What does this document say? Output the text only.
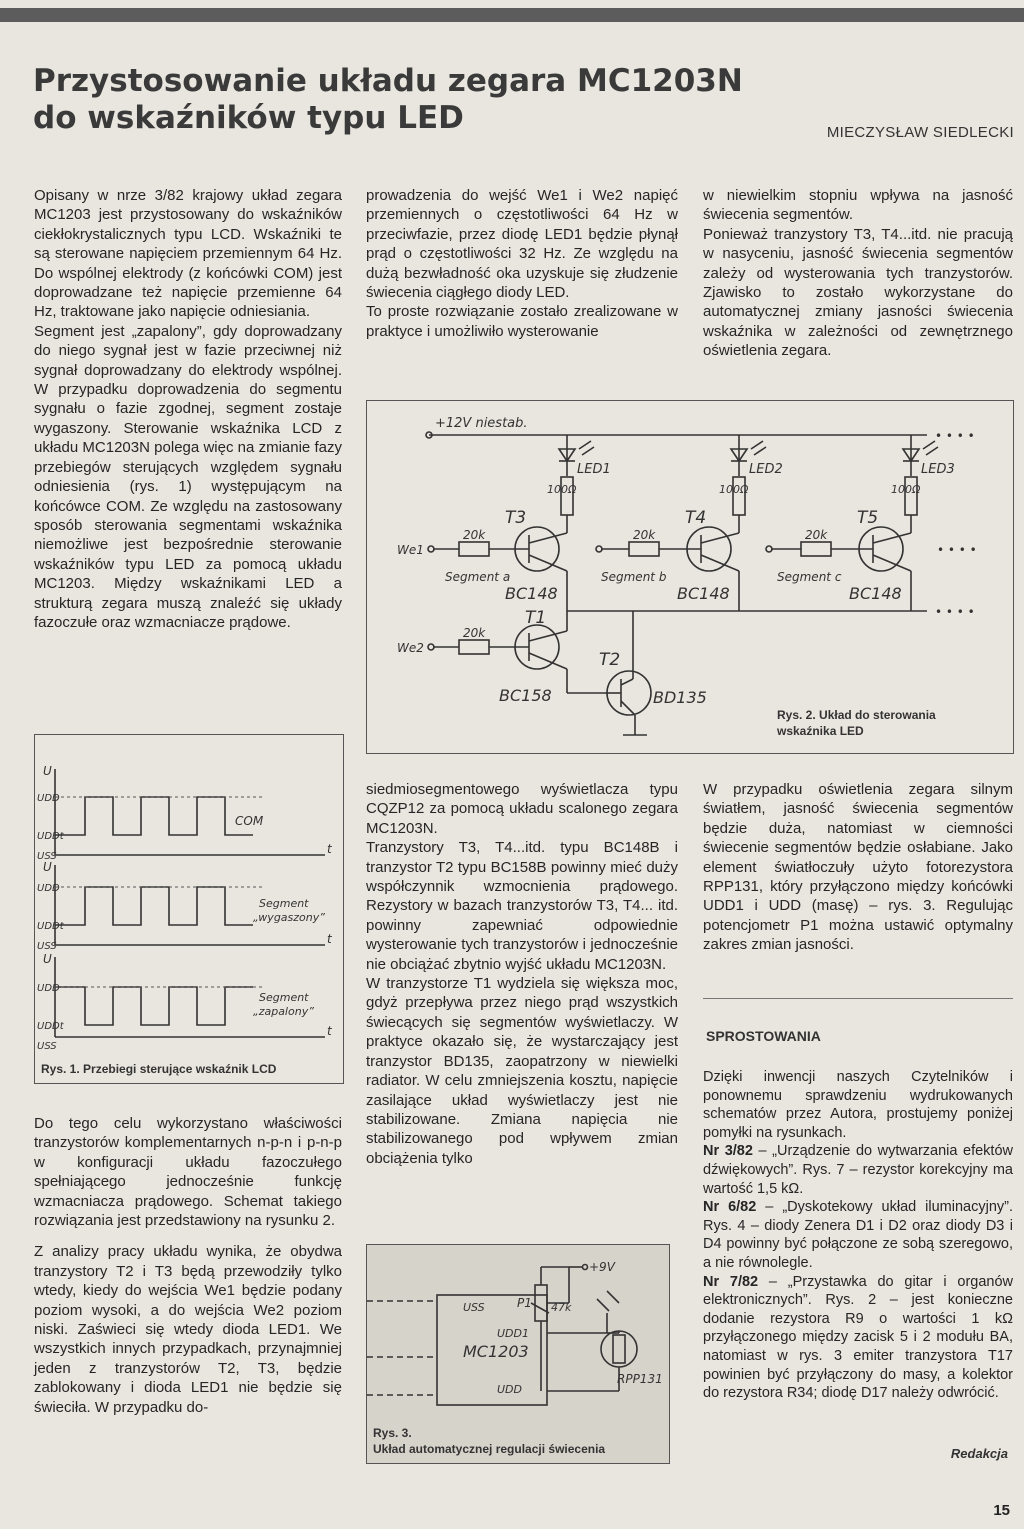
Przystosowanie układu zegara MC1203N do wskaźników typu LED	MIECZYSŁAW SIEDLECKI

Opisany w nrze 3/82 krajowy układ zegara MC1203 jest przystosowany do wskaźników ciekłokrystalicznych typu LCD. Wskaźniki te są sterowane napięciem przemiennym 64 Hz. Do wspólnej elektrody (z końcówki COM) jest doprowadzane też napięcie przemienne 64 Hz, traktowane jako napięcie odniesiania.

Segment jest „zapalony”, gdy doprowadzany do niego sygnał jest w fazie przeciwnej niż sygnał doprowadzany do elektrody wspólnej. W przypadku doprowadzenia do segmentu sygnału o fazie zgodnej, segment zostaje wygaszony. Sterowanie wskaźnika LCD z układu MC1203N polega więc na zmianie fazy przebiegów sterujących względem sygnału odniesienia (rys. 1) występującym na końcówce COM. Ze względu na zastosowany sposób sterowania segmentami wskaźnika niemożliwe jest bezpośrednie sterowanie wskaźników typu LED za pomocą układu MC1203. Między wskaźnikami LED a strukturą zegara muszą znaleźć się układy fazoczułe oraz wzmacniacze prądowe.

prowadzenia do wejść We1 i We2 napięć przemiennych o częstotliwości 64 Hz w przeciwfazie, przez diodę LED1 będzie płynął prąd o częstotliwości 32 Hz. Ze względu na dużą bezwładność oka uzyskuje się złudzenie świecenia ciągłego diody LED.

To proste rozwiązanie zostało zrealizowane w praktyce i umożliwiło wysterowanie

w niewielkim stopniu wpływa na jasność świecenia segmentów.

Ponieważ tranzystory T3, T4...itd. nie pracują w nasyceniu, jasność świecenia segmentów zależy od wysterowania tych tranzystorów. Zjawisko to zostało wykorzystane do automatycznej zmiany jasności świecenia wskaźnika w zależności od zewnętrznego oświetlenia zegara.

+12V niestab.
LED1	LED2	LED3
100Ω	100Ω	100Ω
20k	20k	20k
20k
T3	T4	T5
T1
T2
BC148	BC148	BC148
BC158	BD135
Segment a	Segment b	Segment c
We1
We2
• • • •
• • • •
• • • •
Rys. 2. Układ do sterowania
wskaźnika LED
U
U
U
t
t
t
UDD
UDDt
USS
UDD
UDDt
USS
UDD
UDDt
USS
COM
Segment
„wygaszony”
Segment
„zapalony”
Rys. 1. Przebiegi sterujące wskaźnik LCD

Do tego celu wykorzystano właściwości tranzystorów komplementarnych n-p-n i p-n-p w konfiguracji układu fazoczułego spełniającego jednocześnie funkcję wzmacniacza prądowego. Schemat takiego rozwiązania jest przedstawiony na rysunku 2.

Z analizy pracy układu wynika, że obydwa tranzystory T2 i T3 będą przewodziły tylko wtedy, kiedy do wejścia We1 będzie podany poziom wysoki, a do wejścia We2 poziom niski. Zaświeci się wtedy dioda LED1. We wszystkich innych przypadkach, przynajmniej jeden z tranzystorów T2, T3, będzie zablokowany i dioda LED1 nie będzie się świeciła. W przypadku do-

siedmiosegmentowego wyświetlacza typu CQZP12 za pomocą układu scalonego zegara MC1203N.

Tranzystory T3, T4...itd. typu BC148B i tranzystor T2 typu BC158B powinny mieć duży współczynnik wzmocnienia prądowego. Rezystory w bazach tranzystorów T3, T4... itd. powinny zapewniać odpowiednie wysterowanie tych tranzystorów i jednocześnie nie obciążać zbytnio wyjść układu MC1203N.

W tranzystorze T1 wydziela się większa moc, gdyż przepływa przez niego prąd wszystkich świecących się segmentów wyświetlaczy. W praktyce okazało się, że wystarczający jest tranzystor BD135, zaopatrzony w niewielki radiator. W celu zmniejszenia kosztu, napięcie zasilające układ wyświetlaczy jest nie stabilizowane. Zmiana napięcia nie stabilizowanego pod wpływem zmian obciążenia tylko

MC1203
USS
UDD1
UDD
+9V
P1 47k
RPP131
Rys. 3.
Układ automatycznej regulacji świecenia

W przypadku oświetlenia zegara silnym światłem, jasność świecenia segmentów będzie duża, natomiast w ciemności świecenie segmentów będzie osłabiane. Jako element światłoczuły użyto fotorezystora RPP131, który przyłączono między końcówki UDD1 i UDD (masę) – rys. 3. Regulując potencjometr P1 można ustawić optymalny zakres zmian jasności.

SPROSTOWANIA

Dzięki inwencji naszych Czytelników i ponownemu sprawdzeniu wydrukowanych schematów przez Autora, prostujemy poniżej pomyłki na rysunkach.

Nr 3/82 – „Urządzenie do wytwarzania efektów dźwiękowych”. Rys. 7 – rezystor korekcyjny ma wartość 1,5 kΩ.

Nr 6/82 – „Dyskotekowy układ iluminacyjny”. Rys. 4 – diody Zenera D1 i D2 oraz diody D3 i D4 powinny być połączone ze sobą szeregowo, a nie równolegle.

Nr 7/82 – „Przystawka do gitar i organów elektronicznych”. Rys. 2 – jest konieczne dodanie rezystora R9 o wartości 1 kΩ przyłączonego między zacisk 5 i 2 modułu BA, natomiast w rys. 3 emiter tranzystora T17 powinien być przyłączony do masy, a kolektor do rezystora R34; diodę D17 należy odwrócić.

Redakcja
15
